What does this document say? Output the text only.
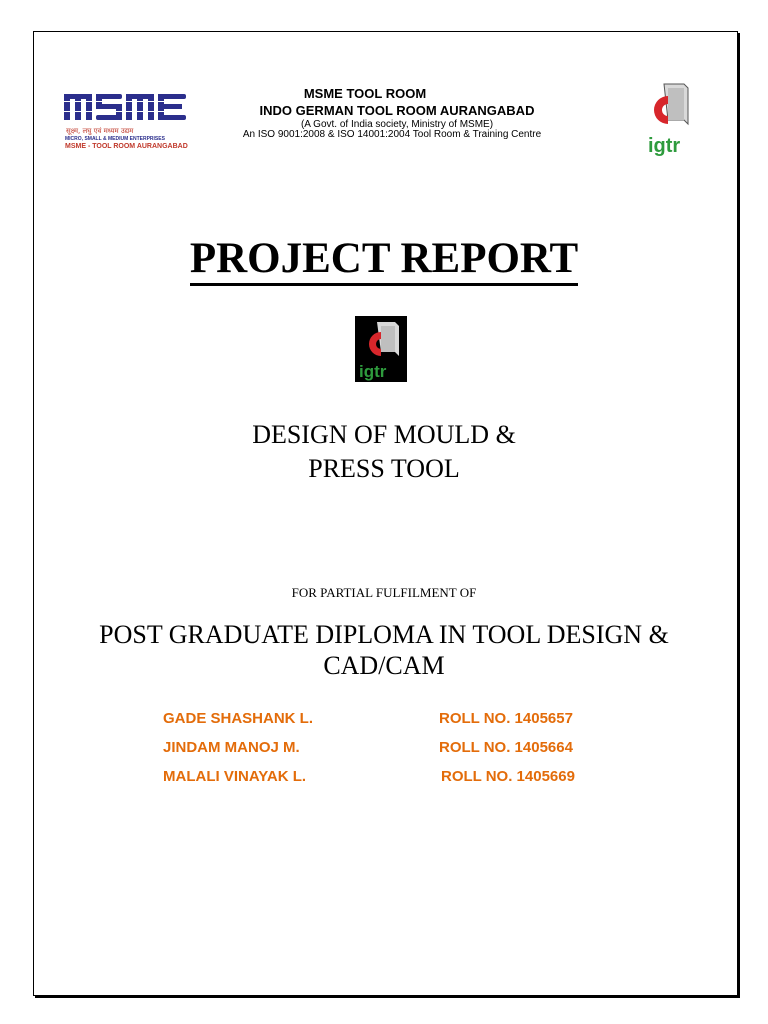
सूक्ष्म, लघु एवं मध्यम उद्यम
MICRO, SMALL & MEDIUM ENTERPRISES
MSME - TOOL ROOM AURANGABAD
MSME TOOL ROOM
INDO GERMAN TOOL ROOM AURANGABAD
(A Govt. of India society, Ministry of MSME)
An ISO 9001:2008 & ISO 14001:2004 Tool Room & Training Centre
igtr
PROJECT REPORT
igtr
DESIGN OF MOULD &
PRESS TOOL
FOR PARTIAL FULFILMENT OF
POST GRADUATE DIPLOMA IN TOOL DESIGN &
CAD/CAM
GADE SHASHANK L.	ROLL NO. 1405657
JINDAM MANOJ M.	ROLL NO. 1405664
MALALI VINAYAK L.	ROLL NO. 1405669
